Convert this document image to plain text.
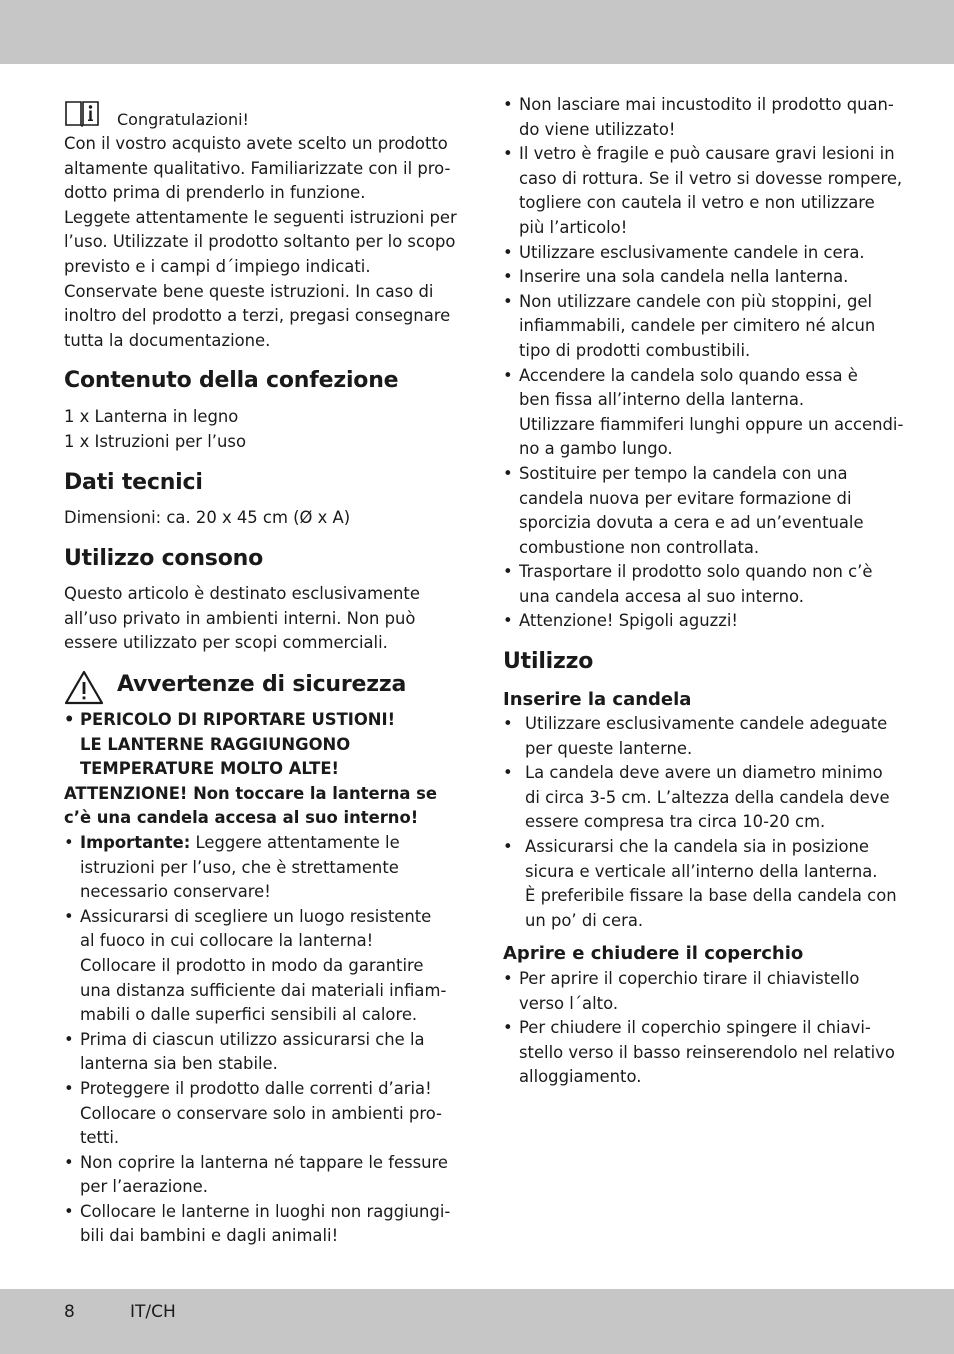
Congratulazioni!
Con il vostro acquisto avete scelto un prodotto
altamente qualitativo. Familiarizzate con il pro-
dotto prima di prenderlo in funzione.
Leggete attentamente le seguenti istruzioni per
l’uso. Utilizzate il prodotto soltanto per lo scopo
previsto e i campi d´impiego indicati.
Conservate bene queste istruzioni. In caso di
inoltro del prodotto a terzi, pregasi consegnare
tutta la documentazione.
Contenuto della confezione
1 x Lanterna in legno
1 x Istruzioni per l’uso
Dati tecnici
Dimensioni: ca. 20 x 45 cm (Ø x A)
Utilizzo consono
Questo articolo è destinato esclusivamente
all’uso privato in ambienti interni. Non può
essere utilizzato per scopi commerciali.
Avvertenze di sicurezza
• PERICOLO DI RIPORTARE USTIONI!
LE LANTERNE RAGGIUNGONO
TEMPERATURE MOLTO ALTE!
ATTENZIONE! Non toccare la lanterna se
c’è una candela accesa al suo interno!
• Importante: Leggere attentamente le
istruzioni per l’uso, che è strettamente
necessario conservare!
• Assicurarsi di scegliere un luogo resistente
al fuoco in cui collocare la lanterna!
Collocare il prodotto in modo da garantire
una distanza sufficiente dai materiali infiam-
mabili o dalle superfici sensibili al calore.
• Prima di ciascun utilizzo assicurarsi che la
lanterna sia ben stabile.
• Proteggere il prodotto dalle correnti d’aria!
Collocare o conservare solo in ambienti pro-
tetti.
• Non coprire la lanterna né tappare le fessure
per l’aerazione.
• Collocare le lanterne in luoghi non raggiungi-
bili dai bambini e dagli animali!
• Non lasciare mai incustodito il prodotto quan-
do viene utilizzato!
• Il vetro è fragile e può causare gravi lesioni in
caso di rottura. Se il vetro si dovesse rompere,
togliere con cautela il vetro e non utilizzare
più l’articolo!
• Utilizzare esclusivamente candele in cera.
• Inserire una sola candela nella lanterna.
• Non utilizzare candele con più stoppini, gel
infiammabili, candele per cimitero né alcun
tipo di prodotti combustibili.
• Accendere la candela solo quando essa è
ben fissa all’interno della lanterna.
Utilizzare fiammiferi lunghi oppure un accendi-
no a gambo lungo.
• Sostituire per tempo la candela con una
candela nuova per evitare formazione di
sporcizia dovuta a cera e ad un’eventuale
combustione non controllata.
• Trasportare il prodotto solo quando non c’è
una candela accesa al suo interno.
• Attenzione! Spigoli aguzzi!
Utilizzo
Inserire la candela
• Utilizzare esclusivamente candele adeguate
per queste lanterne.
• La candela deve avere un diametro minimo
di circa 3-5 cm. L’altezza della candela deve
essere compresa tra circa 10-20 cm.
• Assicurarsi che la candela sia in posizione
sicura e verticale all’interno della lanterna.
È preferibile fissare la base della candela con
un po’ di cera.
Aprire e chiudere il coperchio
• Per aprire il coperchio tirare il chiavistello
verso l´alto.
• Per chiudere il coperchio spingere il chiavi-
stello verso il basso reinserendolo nel relativo
alloggiamento.
8	IT/CH
